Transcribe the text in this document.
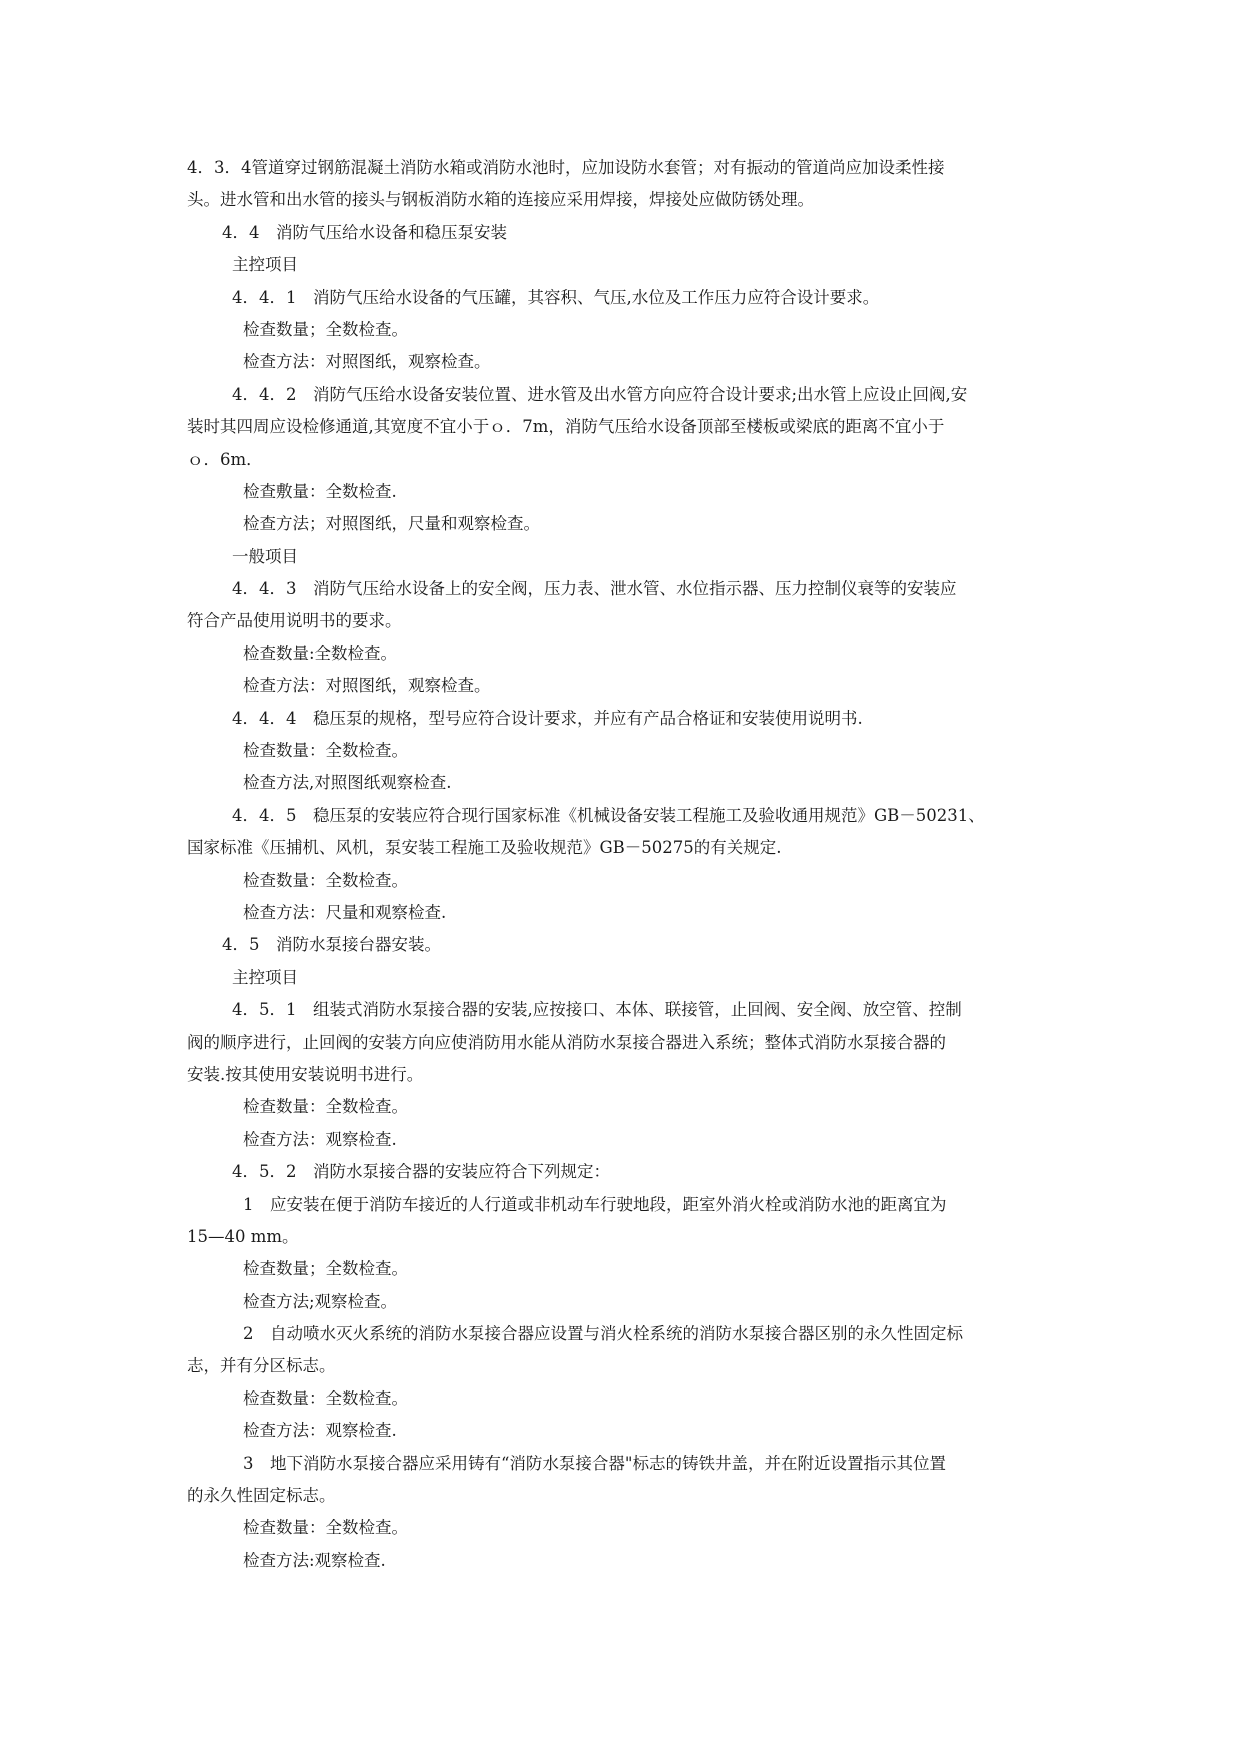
4．3．4管道穿过钢筋混凝土消防水箱或消防水池时，应加设防水套管；对有振动的管道尚应加设柔性接
头。进水管和出水管的接头与钢板消防水箱的连接应采用焊接，焊接处应做防锈处理。
4．4　消防气压给水设备和稳压泵安装
主控项目
4．4．1　消防气压给水设备的气压罐，其容积、气压,水位及工作压力应符合设计要求。
检查数量；全数检查。
检查方法：对照图纸，观察检查。
4．4．2　消防气压给水设备安装位置、进水管及出水管方向应符合设计要求;出水管上应设止回阀,安
装时其四周应设检修通道,其宽度不宜小于ｏ．7m，消防气压给水设备顶部至楼板或梁底的距离不宜小于
ｏ．6m．
检查敷量：全数检查.
检查方法；对照图纸，尺量和观察检查。
一般项目
4．4．3　消防气压给水设备上的安全阀，压力表、泄水管、水位指示器、压力控制仪衰等的安装应
符合产品使用说明书的要求。
检查数量:全数检查。
检查方法：对照图纸，观察检查。
4．4．4　稳压泵的规格，型号应符合设计要求，并应有产品合格证和安装使用说明书.
检查数量：全数检查。
检查方法,对照图纸观察检查.
4．4．5　稳压泵的安装应符合现行国家标准《机械设备安装工程施工及验收通用规范》GB－50231、
国家标准《压捕机、风机，泵安装工程施工及验收规范》GB－50275的有关规定.
检查数量：全数检查。
检查方法：尺量和观察检查.
4．5　消防水泵接台器安装。
主控项目
4．5．1　组装式消防水泵接合器的安装,应按接口、本体、联接管，止回阀、安全阀、放空管、控制
阀的顺序进行，止回阀的安装方向应使消防用水能从消防水泵接合器进入系统；整体式消防水泵接合器的
安装.按其使用安装说明书进行。
检查数量：全数检查。
检查方法：观察检查.
4．5．2　消防水泵接合器的安装应符合下列规定：
1　应安装在便于消防车接近的人行道或非机动车行驶地段，距室外消火栓或消防水池的距离宜为
15—40 mm。
检查数量；全数检查。
检查方法;观察检查。
2　自动喷水灭火系统的消防水泵接合器应设置与消火栓系统的消防水泵接合器区别的永久性固定标
志，并有分区标志。
检查数量：全数检查。
检查方法：观察检查.
3　地下消防水泵接合器应采用铸有“消防水泵接合器"标志的铸铁井盖，并在附近设置指示其位置
的永久性固定标志。
检查数量：全数检查。
检查方法:观察检查.
